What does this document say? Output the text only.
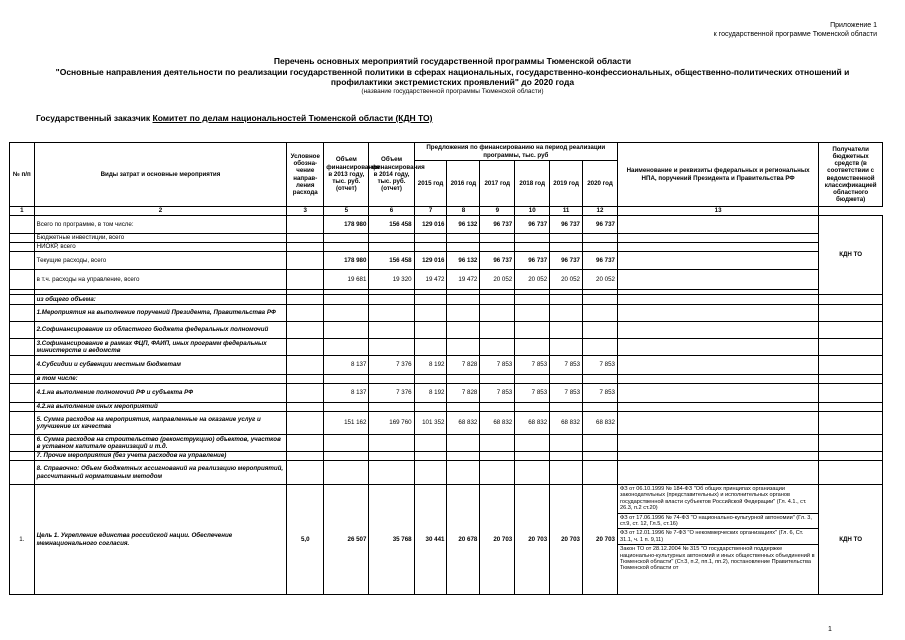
Приложение 1
к государственной программе Тюменской области
Перечень основных мероприятий государственной программы Тюменской области
"Основные направления деятельности по реализации государственной политики в сферах национальных, государственно-конфессиональных, общественно-политических отношений и
профилактики экстремистских проявлений" до 2020 года
(название государственной программы Тюменской области)
Государственный заказчик Комитет по делам национальностей Тюменской области (КДН ТО)
№ п/п	Виды затрат и основные мероприятия	Условное обозна-чение направ-ления расхода	Объем финансирования в 2013 году, тыс. руб. (отчет)	Объем финансирования в 2014 году, тыс. руб. (отчет)	Предложения по финансированию на период реализации программы, тыс. руб						Наименование и реквизиты федеральных и региональных НПА, поручений Президента и Правительства РФ	Получатели бюджетных средств (в соответствии с ведомственной классификацией областного бюджета)
					2015 год	2016 год	2017 год	2018 год	2019 год	2020 год		
1	2	3	5	6	7	8	9	10	11	12	13	
	Всего по программе, в том числе:		178 980	156 458	129 016	96 132	96 737	96 737	96 737	96 737		КДН ТО
	Бюджетные инвестиции, всего											
	НИОКР, всего											
	Текущие расходы, всего		178 980	156 458	129 016	96 132	96 737	96 737	96 737	96 737		
	в т.ч. расходы на управление, всего		19 681	19 320	19 472	19 472	20 052	20 052	20 052	20 052		

	из общего объема:											
	1.Мероприятия на выполнение поручений Президента, Правительства РФ											
	2.Софинансирование из областного бюджета федеральных полномочий											
	3.Софинансирование в рамках ФЦП, ФАИП, иных программ федеральных министерств и ведомств											
	4.Субсидии и субвенции местным бюджетам		8 137	7 376	8 192	7 828	7 853	7 853	7 853	7 853		
	в том числе:											
	4.1.на выполнение полномочий РФ и субъекта РФ		8 137	7 376	8 192	7 828	7 853	7 853	7 853	7 853		
	4.2.на выполнение иных мероприятий											
	5. Сумма расходов на мероприятия, направленные на оказание услуг и улучшение их качества		151 162	169 760	101 352	68 832	68 832	68 832	68 832	68 832		
	6. Сумма расходов на строительство (реконструкцию) объектов, участков в уставном капитале организаций и т.д.											
	7. Прочие мероприятия (без учета расходов на управление)											
	8. Справочно: Объем бюджетных ассигнований на реализацию мероприятий, рассчитанный нормативным методом											
1.	Цель 1. Укрепление единства российской нации. Обеспечение межнационального согласия.	5,0	26 507	35 768	30 441	20 678	20 703	20 703	20 703	20 703	ФЗ от 06.10.1999 № 184-ФЗ "Об общих принципах организации законодательных (представительных) и исполнительных органов государственной власти субъектов Российской Федерации" (Гл. 4.1., ст. 26.3, п.2 ст.20)
ФЗ от 17.06.1996 № 74-ФЗ "О национально-культурной автономии" (Гл. 3, ст.9, ст. 12, Гл.5, ст.16)
ФЗ от 12.01.1996 № 7-ФЗ "О некоммерческих организациях" (Гл. 6, Ст. 31.1, ч. 1 п. 9,11)
Закон ТО от 28.12.2004 № 315 "О государственной поддержке национально-культурных автономий и иных общественных объединений в Тюменской области" (Ст.3, п.2, пп.1, пп.2), постановление Правительства Тюменской области от	КДН ТО
1
